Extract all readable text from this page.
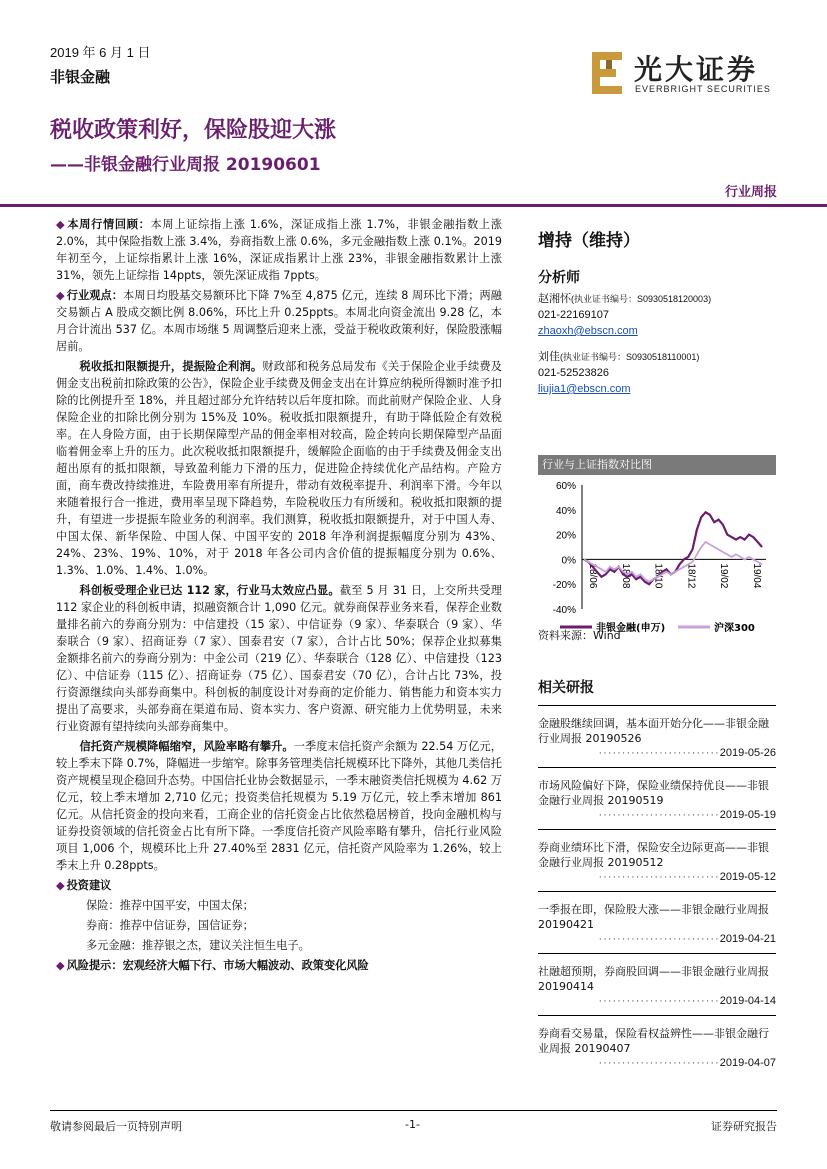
2019 年 6 月 1 日
非银金融	光大证券
EVERBRIGHT SECURITIES
税收政策利好，保险股迎大涨
——非银金融行业周报 20190601
行业周报

◆ 本周行情回顾：本周上证综指上涨 1.6%，深证成指上涨 1.7%，非银金融指数上涨 2.0%，其中保险指数上涨 3.4%，券商指数上涨 0.6%，多元金融指数上涨 0.1%。2019 年初至今，上证综指累计上涨 16%，深证成指累计上涨 23%，非银金融指数累计上涨 31%，领先上证综指 14ppts，领先深证成指 7ppts。

◆ 行业观点：本周日均股基交易额环比下降 7%至 4,875 亿元，连续 8 周环比下滑；两融交易额占 A 股成交额比例 8.06%，环比上升 0.25ppts。本周北向资金流出 9.28 亿，本月合计流出 537 亿。本周市场继 5 周调整后迎来上涨，受益于税收政策利好，保险股涨幅居前。

税收抵扣限额提升，提振险企利润。财政部和税务总局发布《关于保险企业手续费及佣金支出税前扣除政策的公告》，保险企业手续费及佣金支出在计算应纳税所得额时准予扣除的比例提升至 18%，并且超过部分允许结转以后年度扣除。而此前财产保险企业、人身保险企业的扣除比例分别为 15%及 10%。税收抵扣限额提升，有助于降低险企有效税率。在人身险方面，由于长期保障型产品的佣金率相对较高，险企转向长期保障型产品面临着佣金率上升的压力。此次税收抵扣限额提升，缓解险企面临的由于手续费及佣金支出超出原有的抵扣限额，导致盈利能力下滑的压力，促进险企持续优化产品结构。产险方面，商车费改持续推进，车险费用率有所提升，带动有效税率提升、利润率下滑。今年以来随着报行合一推进，费用率呈现下降趋势，车险税收压力有所缓和。税收抵扣限额的提升，有望进一步提振车险业务的利润率。我们测算，税收抵扣限额提升，对于中国人寿、中国太保、新华保险、中国人保、中国平安的 2018 年净利润提振幅度分别为 43%、24%、23%、19%、10%，对于 2018 年各公司内含价值的提振幅度分别为 0.6%、1.3%、1.0%、1.4%、1.0%。

科创板受理企业已达 112 家，行业马太效应凸显。截至 5 月 31 日，上交所共受理 112 家企业的科创板申请，拟融资额合计 1,090 亿元。就券商保荐业务来看，保荐企业数量排名前六的券商分别为：中信建投（15 家）、中信证券（9 家）、华泰联合（9 家）、华泰联合（9 家）、招商证券（7 家）、国泰君安（7 家），合计占比 50%；保荐企业拟募集金额排名前六的券商分别为：中金公司（219 亿）、华泰联合（128 亿）、中信建投（123 亿）、中信证券（115 亿）、招商证券（75 亿）、国泰君安（70 亿），合计占比 73%，投行资源继续向头部券商集中。科创板的制度设计对券商的定价能力、销售能力和资本实力提出了高要求，头部券商在渠道布局、资本实力、客户资源、研究能力上优势明显，未来行业资源有望持续向头部券商集中。

信托资产规模降幅缩窄，风险率略有攀升。一季度末信托资产余额为 22.54 万亿元，较上季末下降 0.7%，降幅进一步缩窄。除事务管理类信托规模环比下降外，其他几类信托资产规模呈现企稳回升态势。中国信托业协会数据显示，一季末融资类信托规模为 4.62 万亿元，较上季末增加 2,710 亿元；投资类信托规模为 5.19 万亿元，较上季末增加 861 亿元。从信托资金的投向来看，工商企业的信托资金占比依然稳居榜首，投向金融机构与证券投资领域的信托资金占比有所下降。一季度信托资产风险率略有攀升，信托行业风险项目 1,006 个，规模环比上升 27.40%至 2831 亿元，信托资产风险率为 1.26%，较上季末上升 0.28ppts。

◆ 投资建议

保险：推荐中国平安，中国太保；

券商：推荐中信证券，国信证券；

多元金融：推荐银之杰，建议关注恒生电子。

◆ 风险提示：宏观经济大幅下行、市场大幅波动、政策变化风险

增持（维持）
分析师
赵湘怀(执业证书编号：S0930518120003)
021-22169107
zhaoxh@ebscn.com
刘佳(执业证书编号：S0930518110001)
021-52523826
liujia1@ebscn.com
行业与上证指数对比图
60%
40%
20%
0%
-20%
-40%
18/06 18/08 18/10 18/12 19/02 19/04
非银金融(申万)	沪深300
资料来源：Wind
相关研报
金融股继续回调，基本面开始分化——非银金融行业周报 20190526
··························2019-05-26
市场风险偏好下降，保险业绩保持优良——非银金融行业周报 20190519
··························2019-05-19
券商业绩环比下滑，保险安全边际更高——非银金融行业周报 20190512
··························2019-05-12
一季报在即，保险股大涨——非银金融行业周报 20190421
··························2019-04-21
社融超预期，券商股回调——非银金融行业周报 20190414
··························2019-04-14
券商看交易量，保险看权益辨性——非银金融行业周报 20190407
··························2019-04-07
敬请参阅最后一页特别声明	-1-	证券研究报告
